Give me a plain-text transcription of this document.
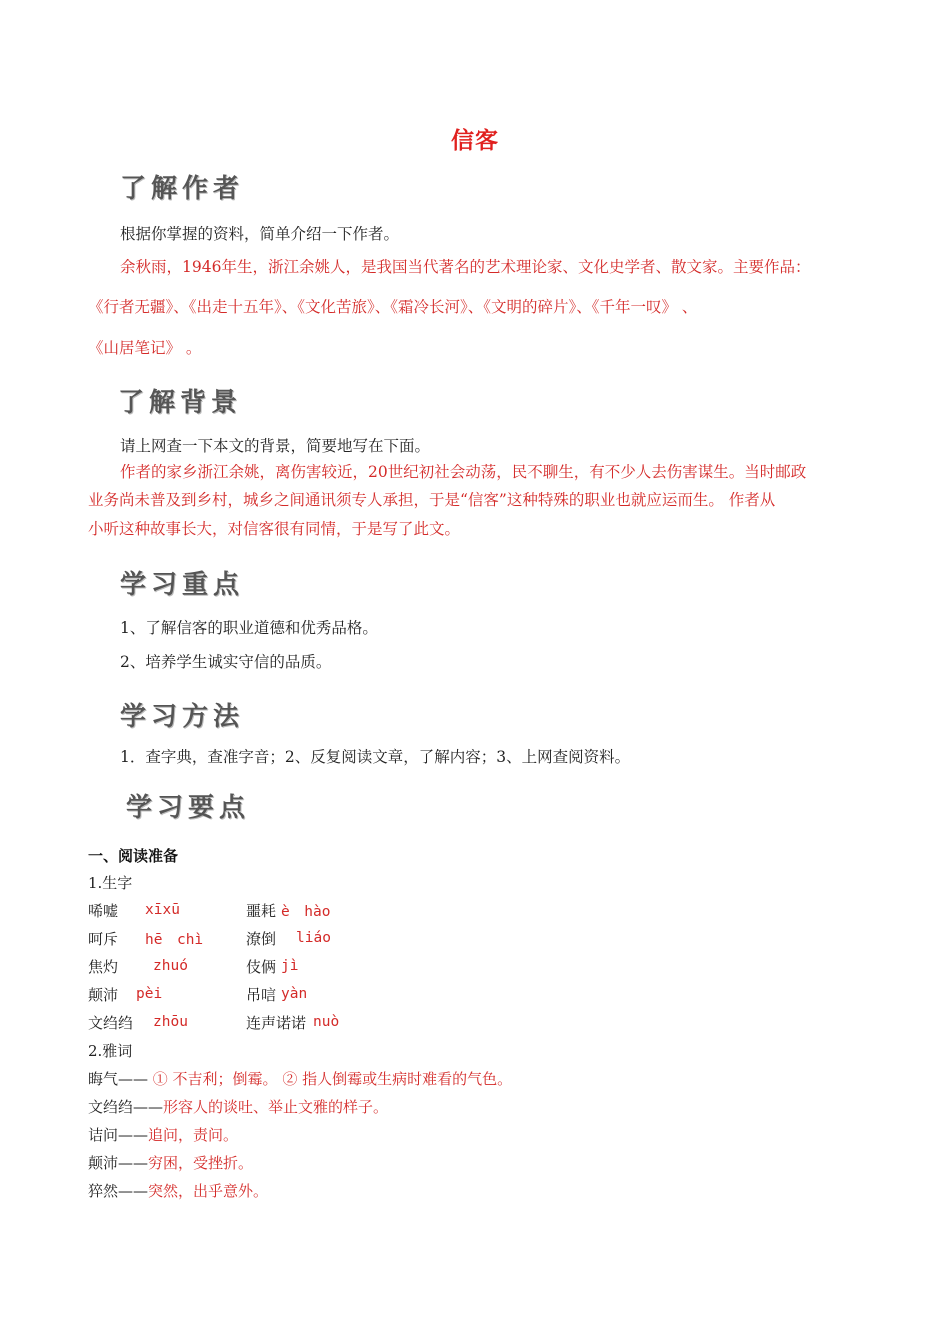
信客
了解作者
根据你掌握的资料，简单介绍一下作者。
余秋雨，1946年生，浙江余姚人，是我国当代著名的艺术理论家、文化史学者、散文家。主要作品：
《行者无疆》、《出走十五年》、《文化苦旅》、《霜冷长河》、《文明的碎片》、《千年一叹》 、
《山居笔记》 。
了解背景
请上网查一下本文的背景，简要地写在下面。
作者的家乡浙江余姚，离伤害较近，20世纪初社会动荡，民不聊生，有不少人去伤害谋生。当时邮政
业务尚未普及到乡村，城乡之间通讯须专人承担，于是“信客”这种特殊的职业也就应运而生。 作者从
小听这种故事长大，对信客很有同情，于是写了此文。
学习重点
1、了解信客的职业道德和优秀品格。
2、培养学生诚实守信的品质。
学习方法
1．查字典，查准字音；2、反复阅读文章，了解内容；3、上网查阅资料。
学习要点
一、阅读准备
1.生字
唏嘘 xīxū	噩耗 è　hào
呵斥 hē　chì	潦倒 liáo
焦灼 zhuó	伎俩 jì
颠沛 pèi	吊唁 yàn
文绉绉 zhōu	连声诺诺 nuò
2.雅词
晦气—— ① 不吉利；倒霉。 ② 指人倒霉或生病时难看的气色。
文绉绉——形容人的谈吐、举止文雅的样子。
诘问——追问，责问。
颠沛——穷困，受挫折。
猝然——突然，出乎意外。
